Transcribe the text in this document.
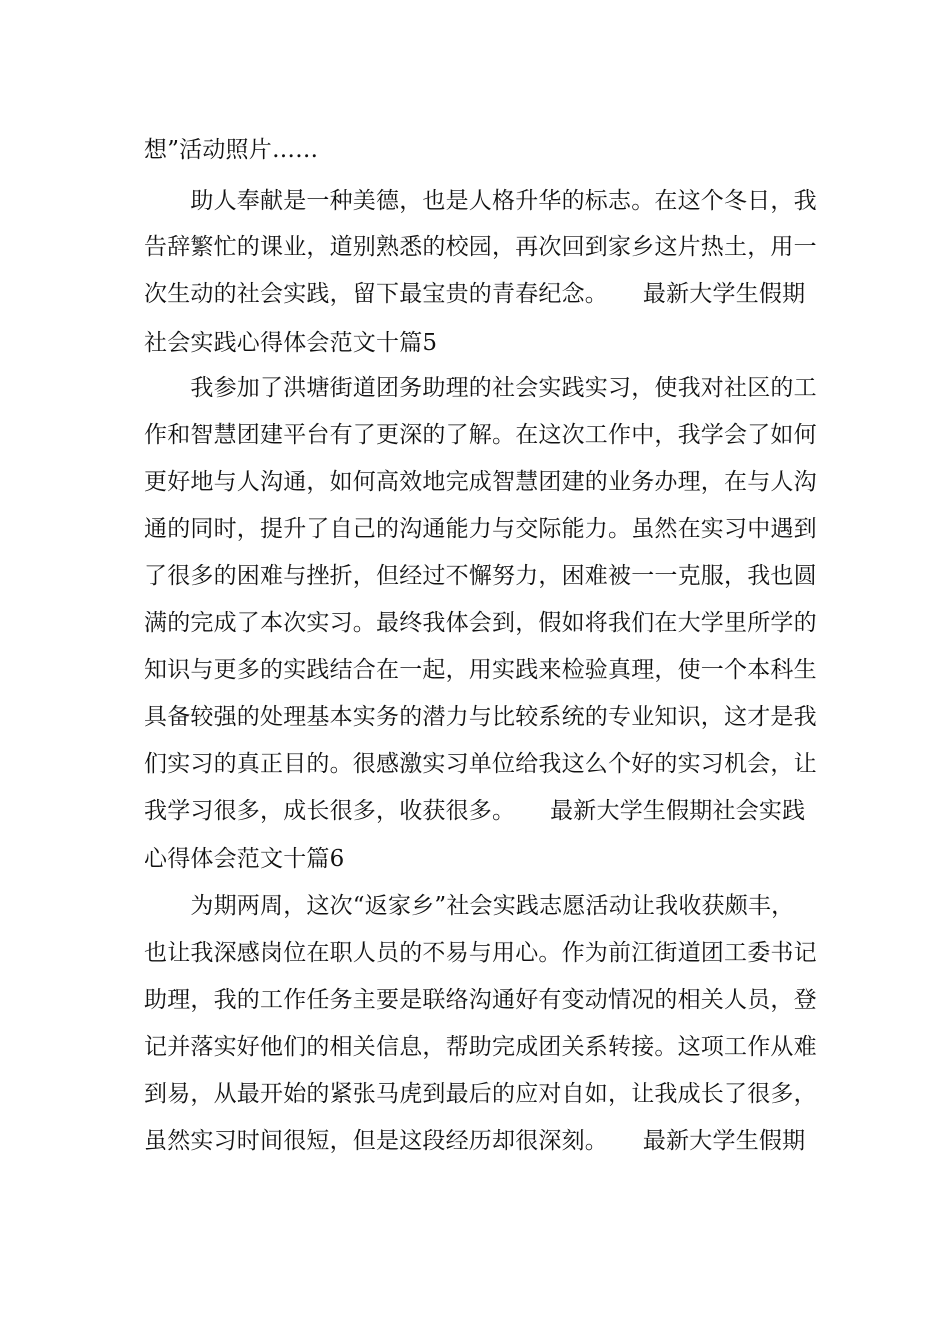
想”活动照片……
　　助人奉献是一种美德，也是人格升华的标志。在这个冬日，我
告辞繁忙的课业，道别熟悉的校园，再次回到家乡这片热土，用一
次生动的社会实践，留下最宝贵的青春纪念。　　最新大学生假期
社会实践心得体会范文十篇5
　　我参加了洪塘街道团务助理的社会实践实习，使我对社区的工
作和智慧团建平台有了更深的了解。在这次工作中，我学会了如何
更好地与人沟通，如何高效地完成智慧团建的业务办理，在与人沟
通的同时，提升了自己的沟通能力与交际能力。虽然在实习中遇到
了很多的困难与挫折，但经过不懈努力，困难被一一克服，我也圆
满的完成了本次实习。最终我体会到，假如将我们在大学里所学的
知识与更多的实践结合在一起，用实践来检验真理，使一个本科生
具备较强的处理基本实务的潜力与比较系统的专业知识，这才是我
们实习的真正目的。很感激实习单位给我这么个好的实习机会，让
我学习很多，成长很多，收获很多。　　最新大学生假期社会实践
心得体会范文十篇6
　　为期两周，这次“返家乡”社会实践志愿活动让我收获颇丰，
也让我深感岗位在职人员的不易与用心。作为前江街道团工委书记
助理，我的工作任务主要是联络沟通好有变动情况的相关人员，登
记并落实好他们的相关信息，帮助完成团关系转接。这项工作从难
到易，从最开始的紧张马虎到最后的应对自如，让我成长了很多，
虽然实习时间很短，但是这段经历却很深刻。　　最新大学生假期
